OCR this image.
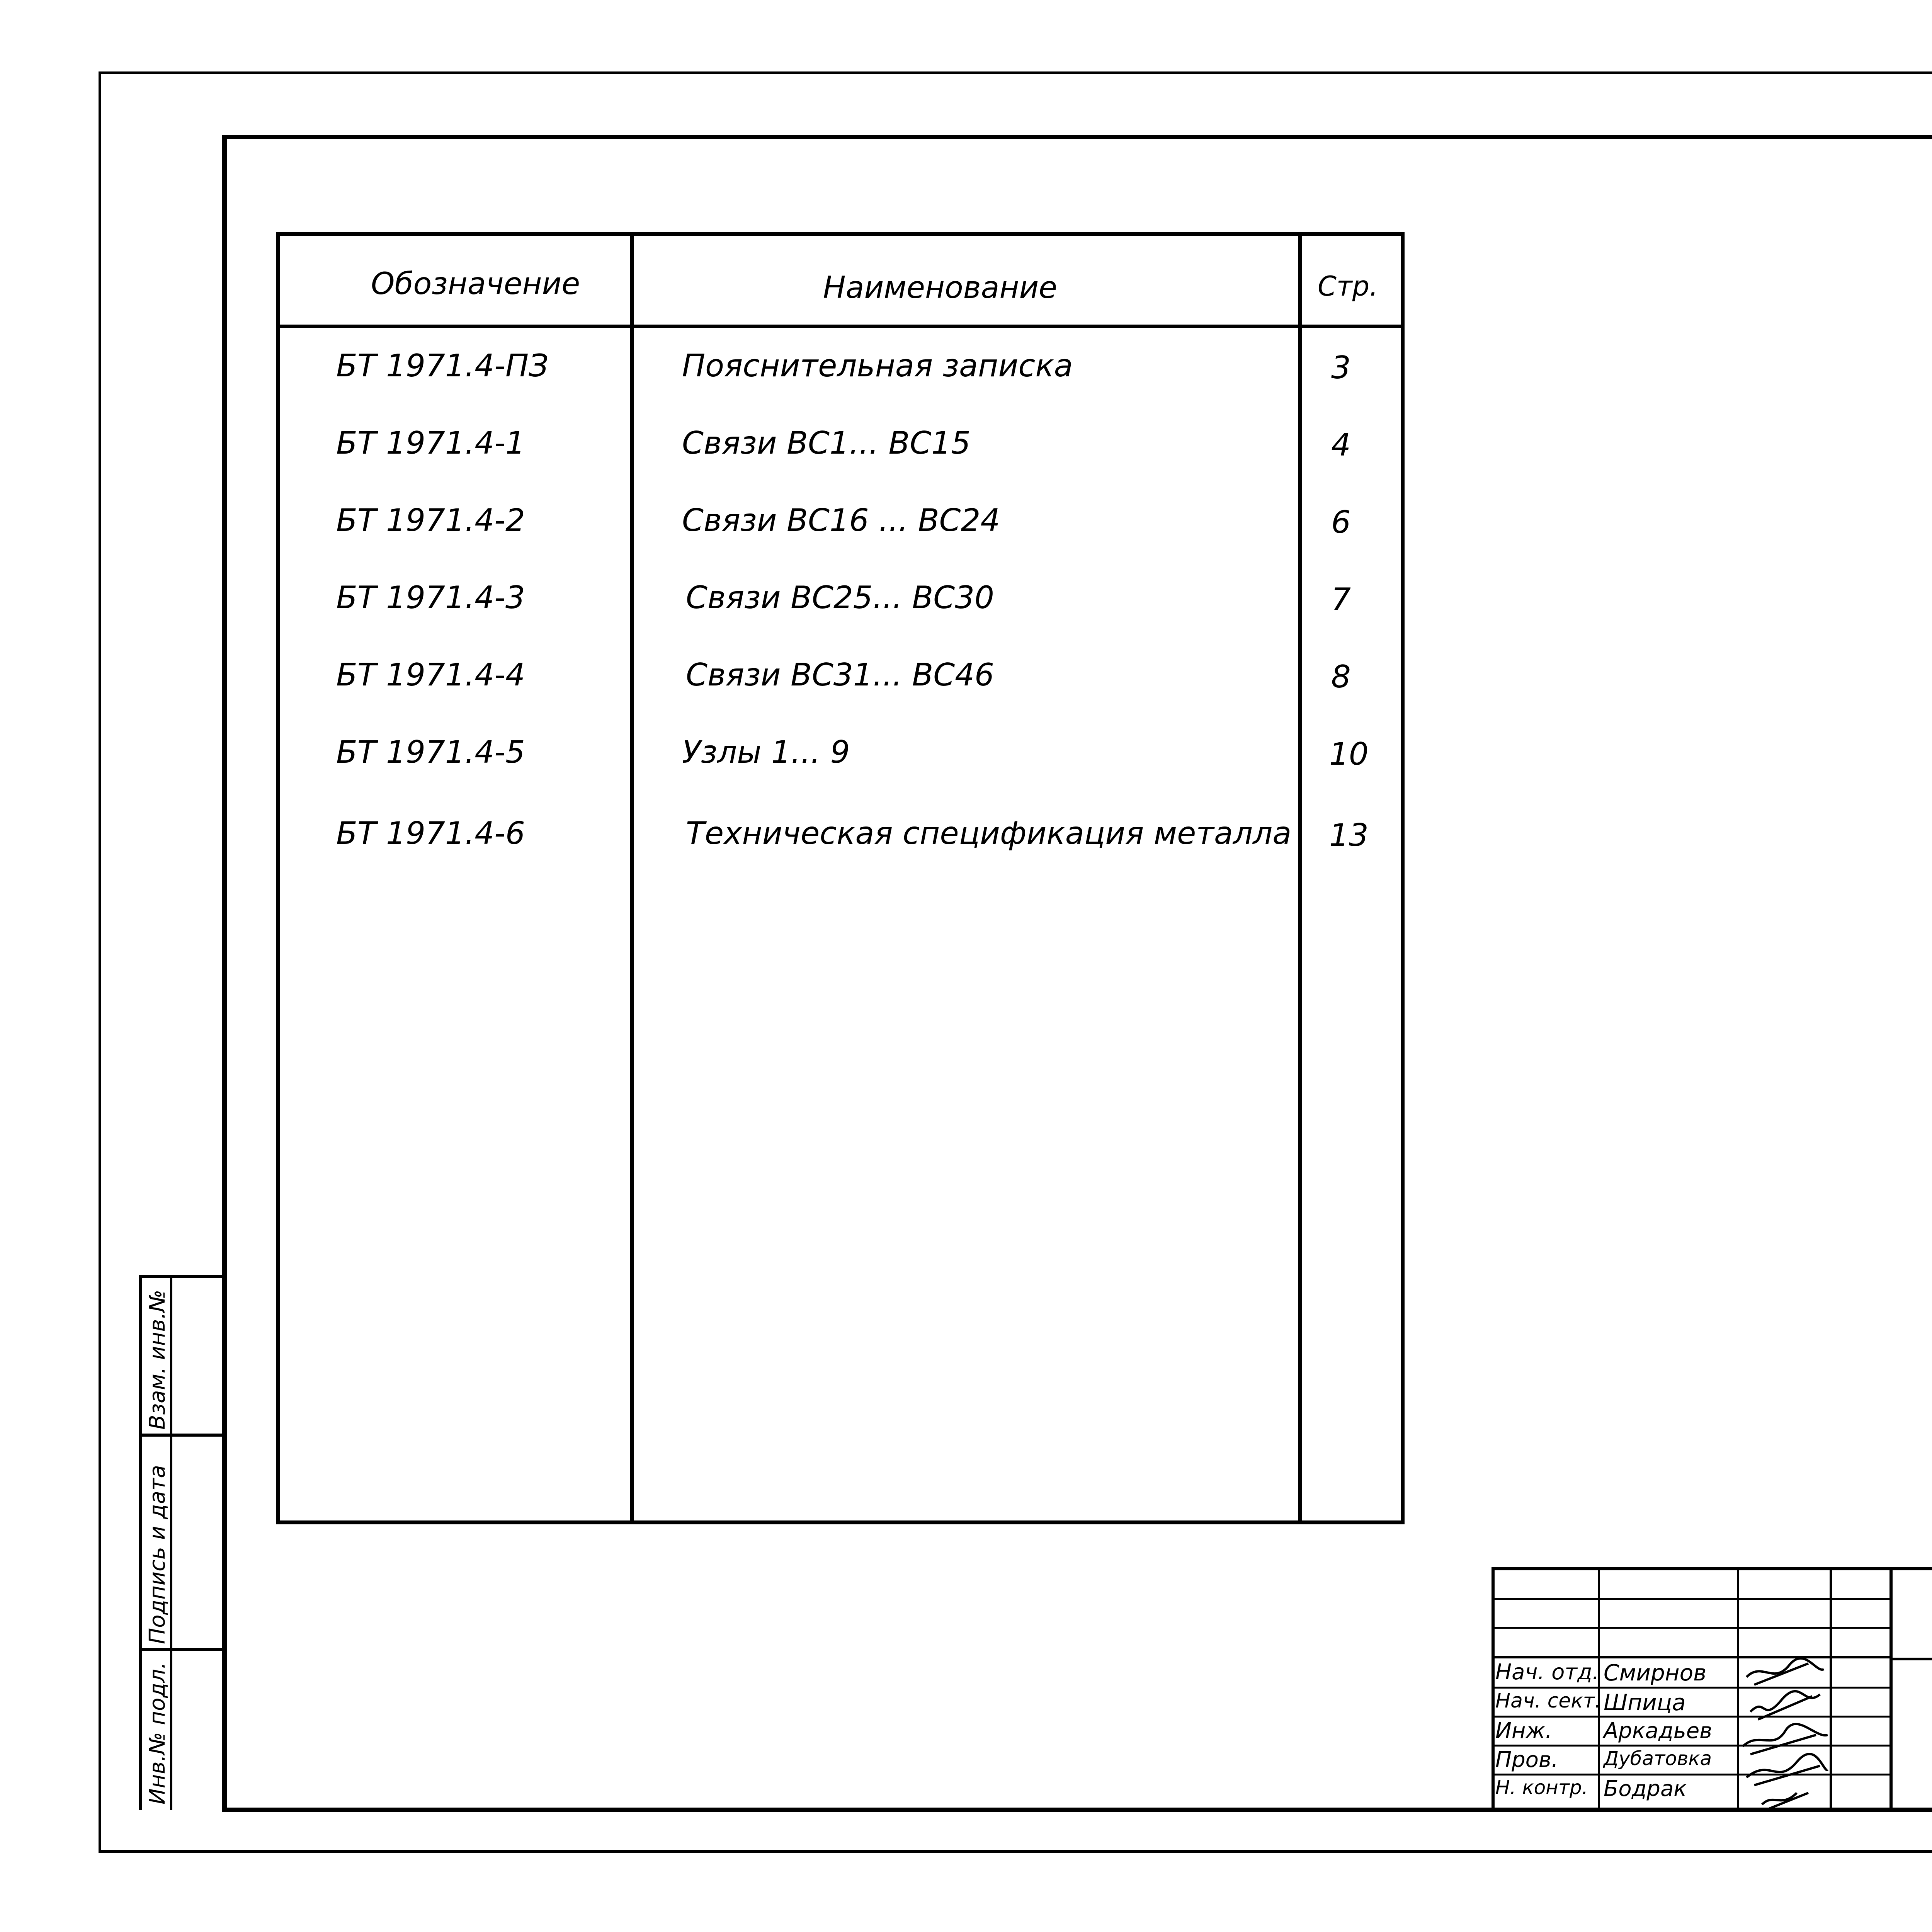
Обозначение	Наименование	Стр.
БТ 1971.4-ПЗ	Пояснительная записка	3
БТ 1971.4-1	Связи ВС1... ВС15	4
БТ 1971.4-2	Связи ВС16 ... ВС24	6
БТ 1971.4-3	Связи ВС25... ВС30	7
БТ 1971.4-4	Связи ВС31... ВС46	8
БТ 1971.4-5	Узлы 1... 9	10
БТ 1971.4-6	Техническая спецификация металла 13
Взам. инв.№
Подпись и дата
Инв.№ подл.	Нач. отд. Смирнов
Нач. сект. Шпица
Инж. Аркадьев
Пров. Дубатовка
Н. контр. Бодрак
